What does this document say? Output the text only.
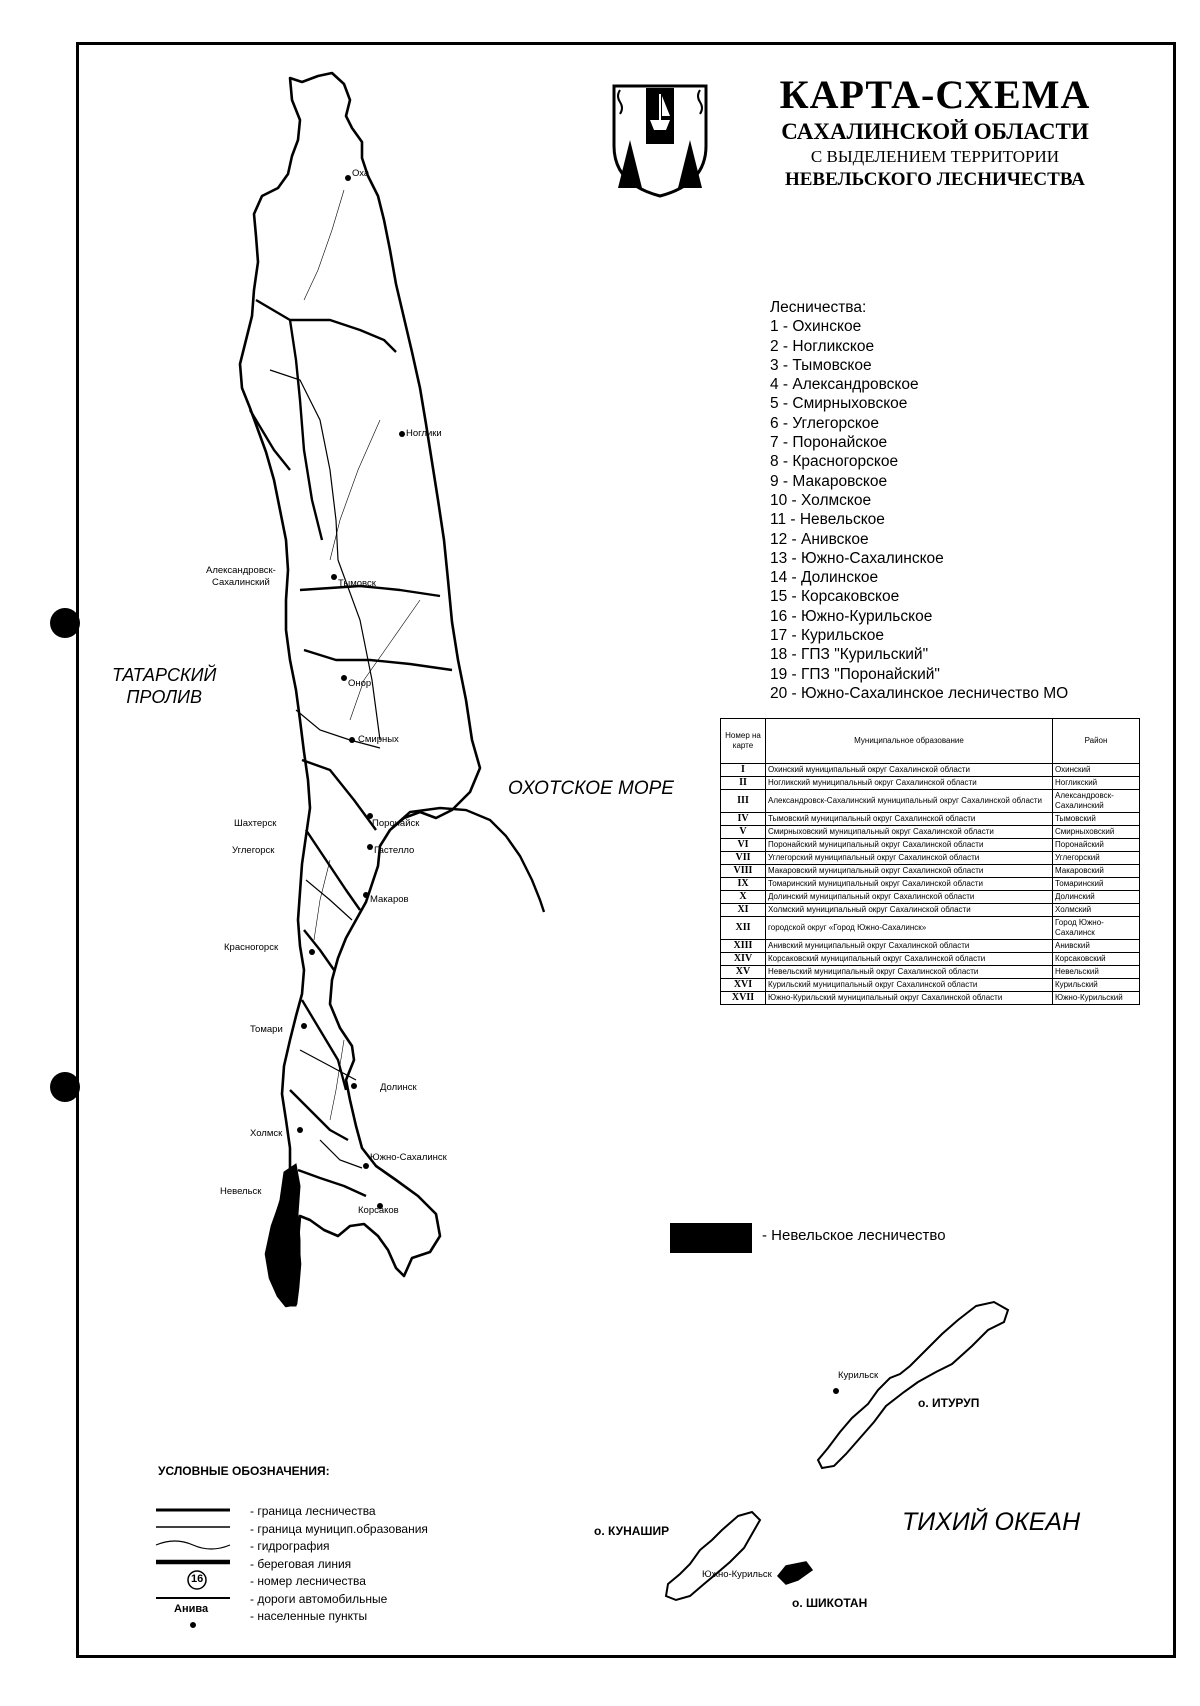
КАРТА-СХЕМА
САХАЛИНСКОЙ ОБЛАСТИ
С ВЫДЕЛЕНИЕМ ТЕРРИТОРИИ
НЕВЕЛЬСКОГО ЛЕСНИЧЕСТВА
Лесничества:
1 - Охинское
2 - Ногликское
3 - Тымовское
4 - Александровское
5 - Смирныховское
6 - Углегорское
7 - Поронайское
8 - Красногорское
9 - Макаровское
10 - Холмское
11 - Невельское
12 - Анивское
13 - Южно-Сахалинское
14 - Долинское
15 - Корсаковское
16 - Южно-Курильское
17 - Курильское
18 - ГПЗ "Курильский"
19 - ГПЗ "Поронайский"
20 - Южно-Сахалинское лесничество МО
Номер на карте	Муниципальное образование	Район
I	Охинский муниципальный округ Сахалинской области	Охинский
II	Ногликский муниципальный округ Сахалинской области	Ногликский
III	Александровск-Сахалинский муниципальный округ Сахалинской области	Александровск-Сахалинский
IV	Тымовский муниципальный округ Сахалинской области	Тымовский
V	Смирныховский муниципальный округ Сахалинской области	Смирныховский
VI	Поронайский муниципальный округ Сахалинской области	Поронайский
VII	Углегорский муниципальный округ Сахалинской области	Углегорский
VIII	Макаровский муниципальный округ Сахалинской области	Макаровский
IX	Томаринский муниципальный округ Сахалинской области	Томаринский
X	Долинский муниципальный округ Сахалинской области	Долинский
XI	Холмский муниципальный округ Сахалинской области	Холмский
XII	городской округ «Город Южно-Сахалинск»	Город Южно-Сахалинск
XIII	Анивский муниципальный округ Сахалинской области	Анивский
XIV	Корсаковский муниципальный округ Сахалинской области	Корсаковский
XV	Невельский муниципальный округ Сахалинской области	Невельский
XVI	Курильский муниципальный округ Сахалинской области	Курильский
XVII	Южно-Курильский муниципальный округ Сахалинской области	Южно-Курильский
- Невельское лесничество
ТАТАРСКИЙ
ПРОЛИВ
ОХОТСКОЕ МОРЕ
ТИХИЙ ОКЕАН
о. ИТУРУП
о. КУНАШИР
о. ШИКОТАН
Оха
Ноглики
Александровск-
Сахалинский	Тымовск
Онор
Смирных
Поронайск
Шахтерск
Углегорск	Гастелло
Макаров
Красногорск
Томари
Долинск
Холмск
Южно-Сахалинск
Невельск
Корсаков
Курильск
Южно-Курильск
УСЛОВНЫЕ ОБОЗНАЧЕНИЯ:
16
Анива
- граница лесничества
- граница муницип.образования
- гидрография
- береговая линия
- номер лесничества
- дороги автомобильные
- населенные пункты
